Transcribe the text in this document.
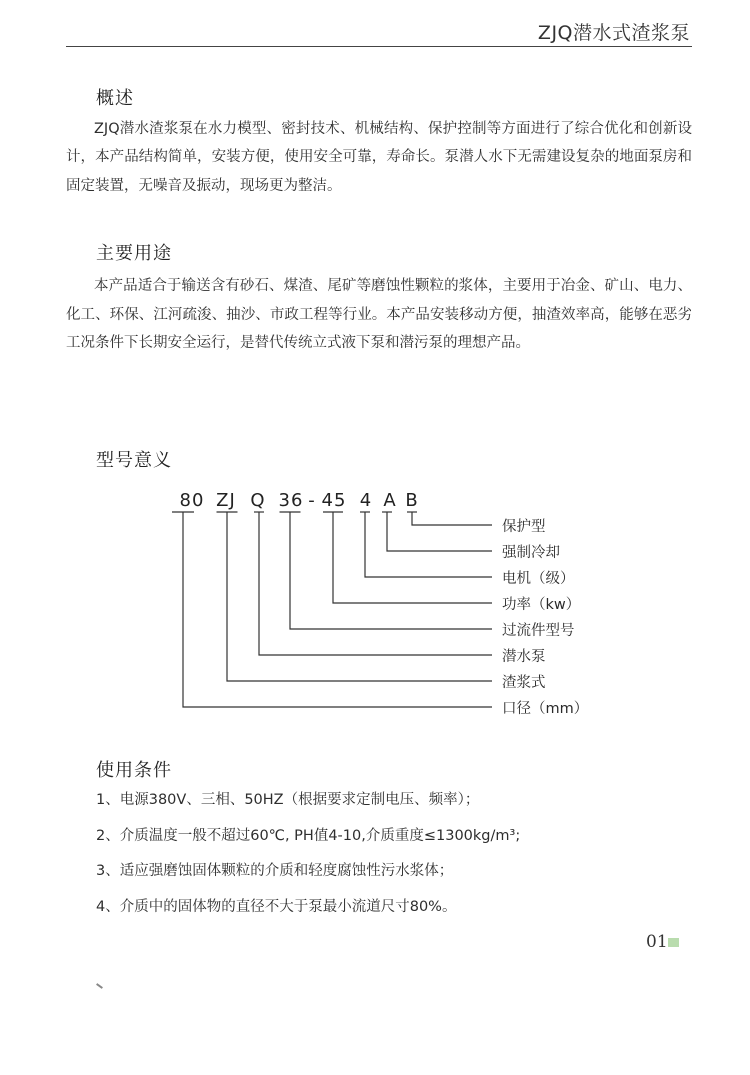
ZJQ潜水式渣浆泵
概述

ZJQ潜水渣浆泵在水力模型、密封技术、机械结构、保护控制等方面进行了综合优化和创新设计，本产品结构简单，安装方便，使用安全可靠，寿命长。泵潜人水下无需建设复杂的地面泵房和固定装置，无噪音及振动，现场更为整洁。

主要用途

本产品适合于输送含有砂石、煤渣、尾矿等磨蚀性颗粒的浆体，主要用于冶金、矿山、电力、化工、环保、江河疏浚、抽沙、市政工程等行业。本产品安装移动方便，抽渣效率高，能够在恶劣工况条件下长期安全运行，是替代传统立式液下泵和潜污泵的理想产品。

型号意义
80 ZJ Q 36 - 45 4 A B
保护型
强制冷却
电机（级）
功率（kw）
过流件型号
潜水泵
渣浆式
口径（mm）
使用条件
1、电源380V、三相、50HZ（根据要求定制电压、频率）；
2、介质温度一般不超过60℃, PH值4-10,介质重度≤1300kg/m³;
3、适应强磨蚀固体颗粒的介质和轻度腐蚀性污水浆体；
4、介质中的固体物的直径不大于泵最小流道尺寸80%。
01
